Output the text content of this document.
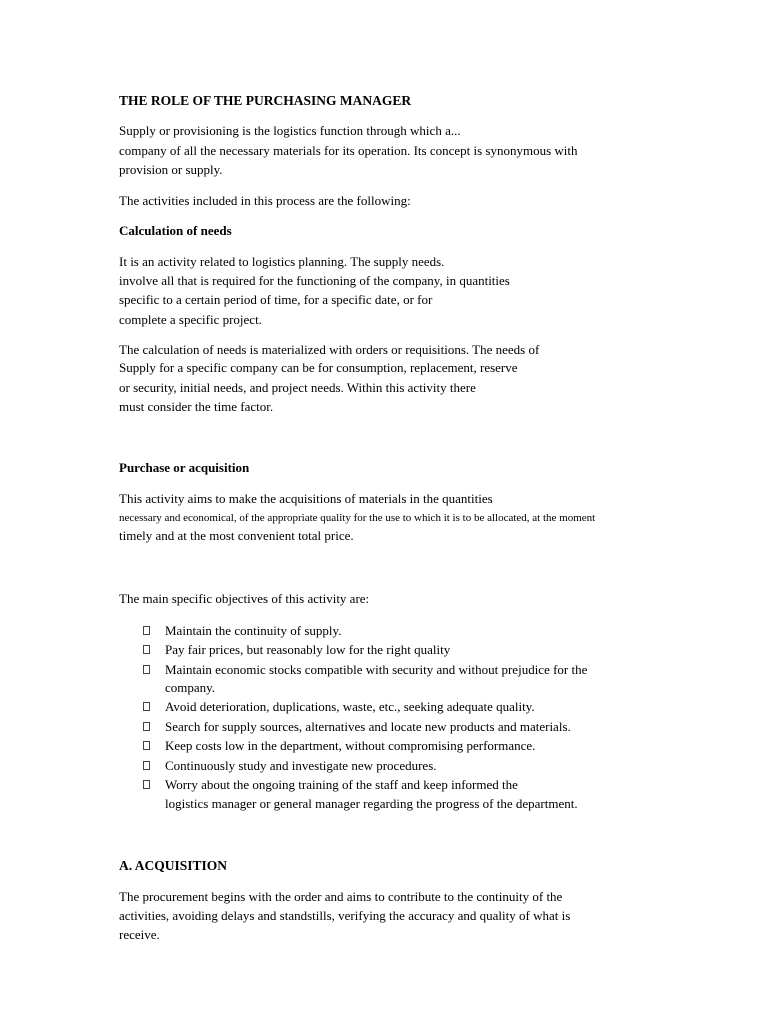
THE ROLE OF THE PURCHASING MANAGER

Supply or provisioning is the logistics function through which a...

company of all the necessary materials for its operation. Its concept is synonymous with

provision or supply.

The activities included in this process are the following:

Calculation of needs

It is an activity related to logistics planning. The supply needs.

involve all that is required for the functioning of the company, in quantities

specific to a certain period of time, for a specific date, or for

complete a specific project.

The calculation of needs is materialized with orders or requisitions. The needs of

Supply for a specific company can be for consumption, replacement, reserve

or security, initial needs, and project needs. Within this activity there

must consider the time factor.

Purchase or acquisition

This activity aims to make the acquisitions of materials in the quantities

necessary and economical, of the appropriate quality for the use to which it is to be allocated, at the moment

timely and at the most convenient total price.

The main specific objectives of this activity are:

Maintain the continuity of supply.

Pay fair prices, but reasonably low for the right quality

Maintain economic stocks compatible with security and without prejudice for the

company.

Avoid deterioration, duplications, waste, etc., seeking adequate quality.

Search for supply sources, alternatives and locate new products and materials.

Keep costs low in the department, without compromising performance.

Continuously study and investigate new procedures.

Worry about the ongoing training of the staff and keep informed the

logistics manager or general manager regarding the progress of the department.

A. ACQUISITION

The procurement begins with the order and aims to contribute to the continuity of the

activities, avoiding delays and standstills, verifying the accuracy and quality of what is

receive.
